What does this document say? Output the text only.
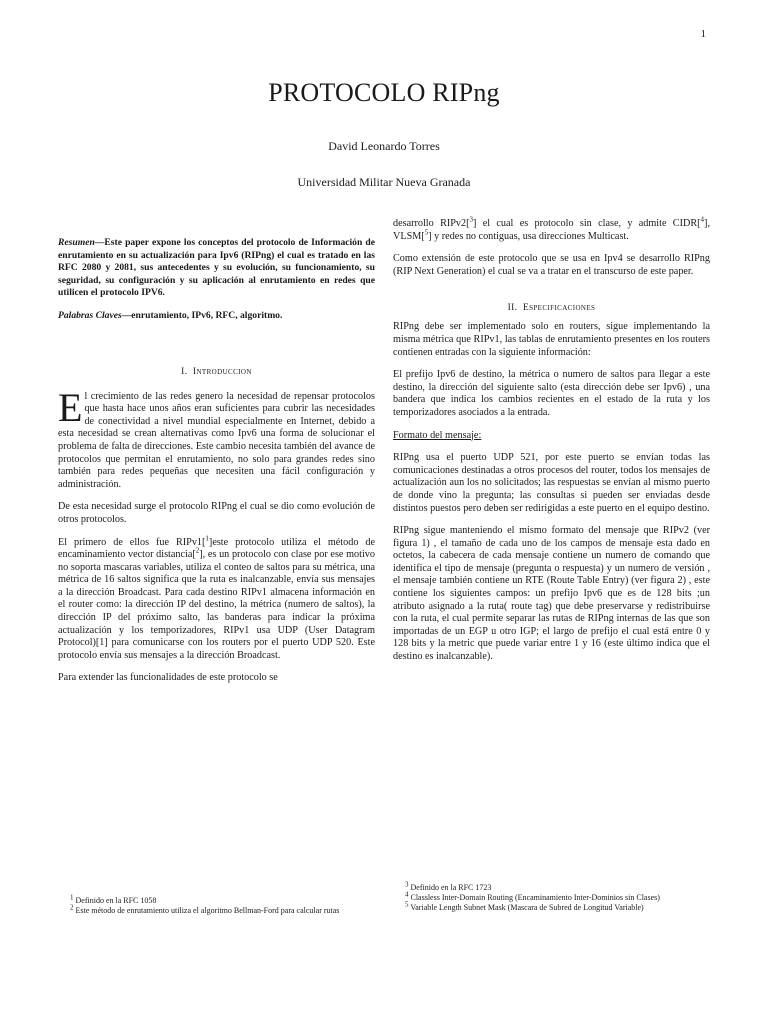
1
PROTOCOLO RIPng
David Leonardo Torres
Universidad Militar Nueva Granada

Resumen—Este paper expone los conceptos del protocolo de Información de enrutamiento en su actualización para Ipv6 (RIPng) el cual es tratado en las RFC 2080 y 2081, sus antecedentes y su evolución, su funcionamiento, su seguridad, su configuración y su aplicación al enrutamiento en redes que utilicen el protocolo IPV6.

Palabras Claves—enrutamiento, IPv6, RFC, algoritmo.

I. Introduccion

El crecimiento de las redes genero la necesidad de repensar protocolos que hasta hace unos años eran suficientes para cubrir las necesidades de conectividad a nivel mundial especialmente en Internet, debido a esta necesidad se crean alternativas como Ipv6 una forma de solucionar el problema de falta de direcciones. Este cambio necesita también del avance de protocolos que permitan el enrutamiento, no solo para grandes redes sino también para redes pequeñas que necesiten una fácil configuración y administración.

De esta necesidad surge el protocolo RIPng el cual se dio como evolución de otros protocolos.

El primero de ellos fue RIPv1[$^1$]este protocolo utiliza el método de encaminamiento vector distancia[$^2$], es un protocolo con clase por ese motivo no soporta mascaras variables, utiliza el conteo de saltos para su métrica, una métrica de 16 saltos significa que la ruta es inalcanzable, envía sus mensajes a la dirección Broadcast. Para cada destino RIPv1 almacena información en el router como: la dirección IP del destino, la métrica (numero de saltos), la dirección IP del próximo salto, las banderas para indicar la próxima actualización y los temporizadores, RIPv1 usa UDP (User Datagram Protocol)[1] para comunicarse con los routers por el puerto UDP 520. Este protocolo envía sus mensajes a la dirección Broadcast.

Para extender las funcionalidades de este protocolo se

desarrollo RIPv2[$^3$] el cual es protocolo sin clase, y admite CIDR[$^4$], VLSM[$^5$] y redes no contiguas, usa direcciones Multicast.

Como extensión de este protocolo que se usa en Ipv4 se desarrollo RIPng (RIP Next Generation) el cual se va a tratar en el transcurso de este paper.

II. Especificaciones

RIPng debe ser implementado solo en routers, sigue implementando la misma métrica que RIPv1, las tablas de enrutamiento presentes en los routers contienen entradas con la siguiente información:

El prefijo Ipv6 de destino, la métrica o numero de saltos para llegar a este destino, la dirección del siguiente salto (esta dirección debe ser Ipv6) , una bandera que indica los cambios recientes en el estado de la ruta y los temporizadores asociados a la entrada.

Formato del mensaje:

RIPng usa el puerto UDP 521, por este puerto se envían todas las comunicaciones destinadas a otros procesos del router, todos los mensajes de actualización aun los no solicitados; las respuestas se envían al mismo puerto de donde vino la pregunta; las consultas si pueden ser enviadas desde distintos puestos pero deben ser redirigidas a este puerto en el equipo destino.

RIPng sigue manteniendo el mismo formato del mensaje que RIPv2 (ver figura 1) , el tamaño de cada uno de los campos de mensaje esta dado en octetos, la cabecera de cada mensaje contiene un numero de comando que identifica el tipo de mensaje (pregunta o respuesta) y un numero de versión , el mensaje también contiene un RTE (Route Table Entry) (ver figura 2) , este contiene los siguientes campos: un prefijo Ipv6 que es de 128 bits ;un atributo asignado a la ruta( route tag) que debe preservarse y redistribuirse con la ruta, el cual permite separar las rutas de RIPng internas de las que son importadas de un EGP u otro IGP; el largo de prefijo el cual está entre 0 y 128 bits y la metric que puede variar entre 1 y 16 (este último indica que el destino es inalcanzable).

$^1$ Definido en la RFC 1058

$^2$ Este método de enrutamiento utiliza el algoritmo Bellman-Ford para calcular rutas

$^3$ Definido en la RFC 1723

$^4$ Classless Inter-Domain Routing (Encaminamiento Inter-Dominios sin Clases)

$^5$ Variable Length Subnet Mask (Mascara de Subred de Longitud Variable)
